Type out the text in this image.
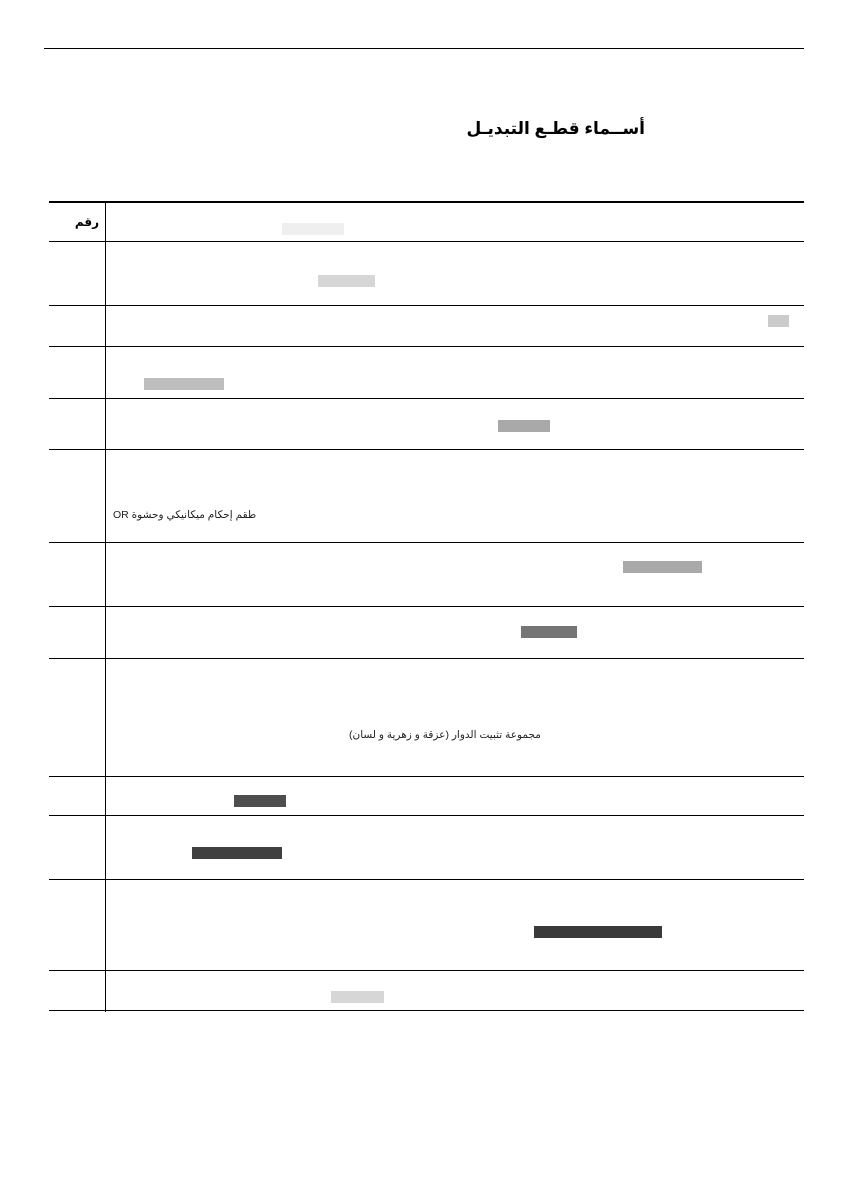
أســماء قطـع التبديـل
رقم
طقم إحكام ميكانيكي وحشوة OR
مجموعة تثبيت الدوار (عزقة و زهرية و لسان)
